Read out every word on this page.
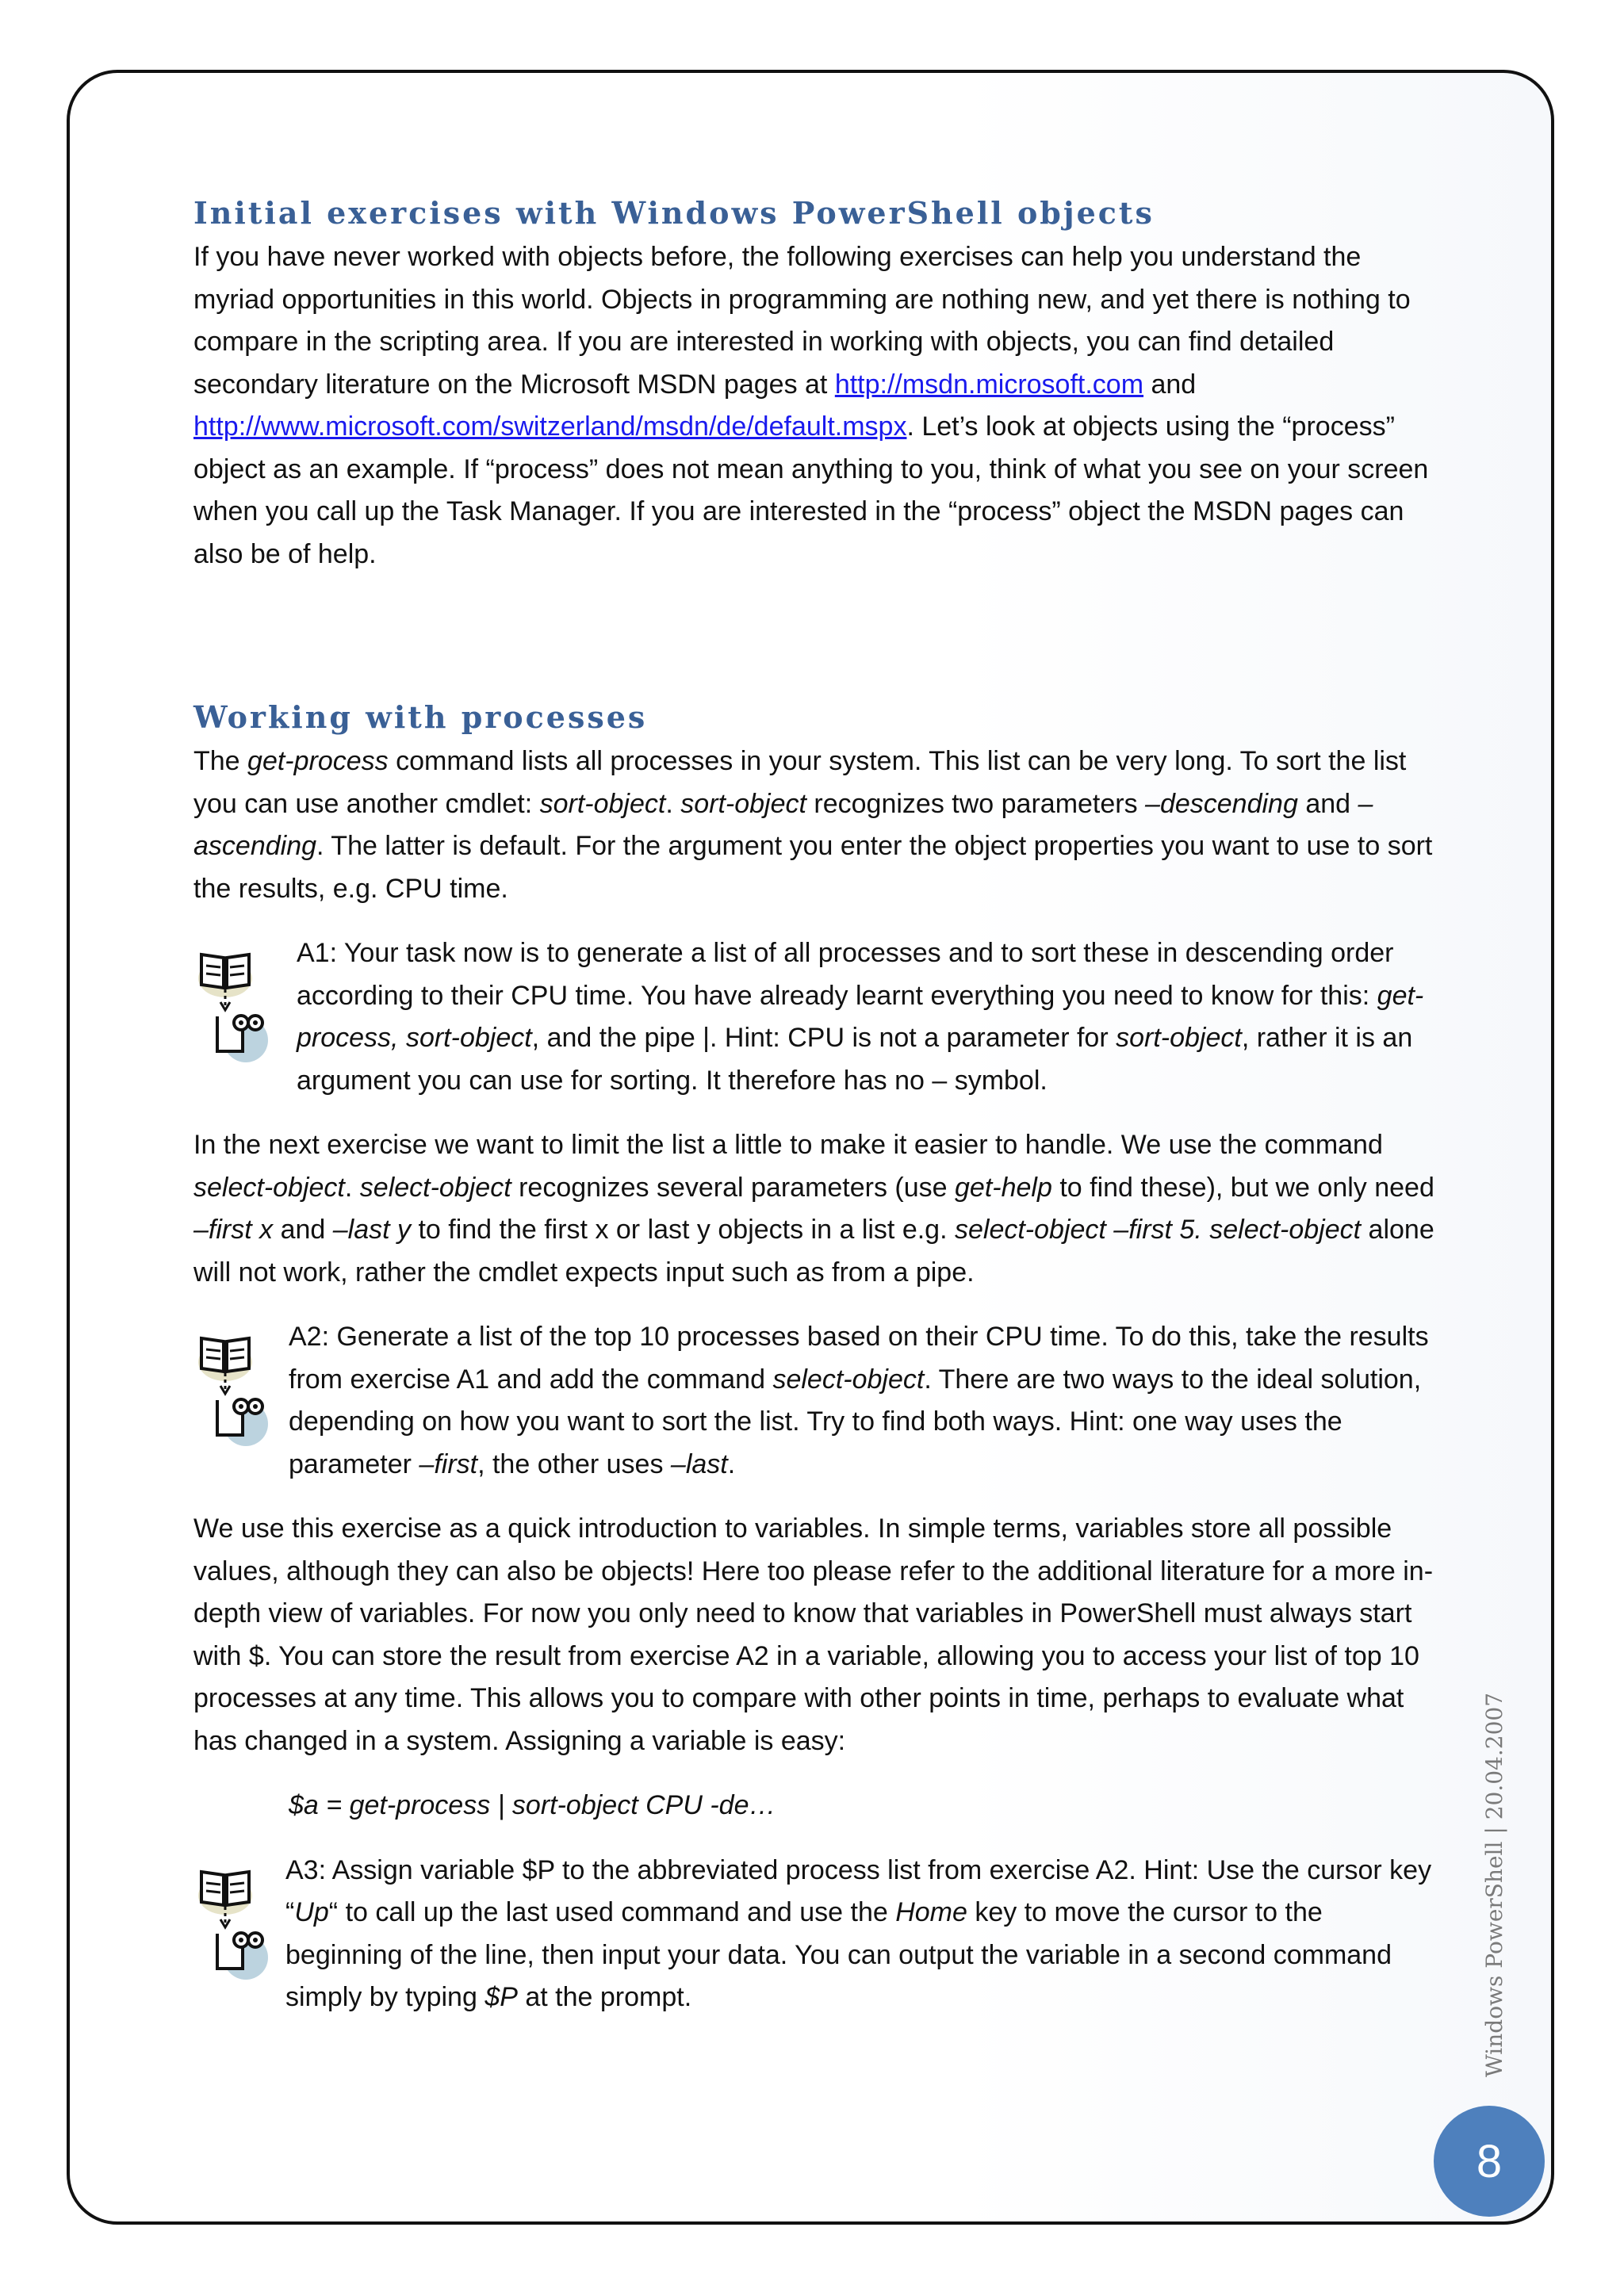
Initial exercises with Windows PowerShell objects

If you have never worked with objects before, the following exercises can help you understand the myriad opportunities in this world. Objects in programming are nothing new, and yet there is nothing to compare in the scripting area. If you are interested in working with objects, you can find detailed secondary literature on the Microsoft MSDN pages at http://msdn.microsoft.com and http://www.microsoft.com/switzerland/msdn/de/default.mspx. Let’s look at objects using the “process” object as an example. If “process” does not mean anything to you, think of what you see on your screen when you call up the Task Manager. If you are interested in the “process” object the MSDN pages can also be of help.

Working with processes

The get-process command lists all processes in your system. This list can be very long. To sort the list you can use another cmdlet: sort-object. sort-object recognizes two parameters –descending and –ascending. The latter is default. For the argument you enter the object properties you want to use to sort the results, e.g. CPU time.

A1: Your task now is to generate a list of all processes and to sort these in descending order according to their CPU time. You have already learnt everything you need to know for this: get-process, sort-object, and the pipe |. Hint: CPU is not a parameter for sort-object, rather it is an argument you can use for sorting. It therefore has no – symbol.

In the next exercise we want to limit the list a little to make it easier to handle. We use the command select-object. select-object recognizes several parameters (use get-help to find these), but we only need –first x and –last y to find the first x or last y objects in a list e.g. select-object –first 5. select-object alone will not work, rather the cmdlet expects input such as from a pipe.

A2: Generate a list of the top 10 processes based on their CPU time. To do this, take the results from exercise A1 and add the command select-object. There are two ways to the ideal solution, depending on how you want to sort the list. Try to find both ways. Hint: one way uses the parameter –first, the other uses –last.

We use this exercise as a quick introduction to variables. In simple terms, variables store all possible values, although they can also be objects! Here too please refer to the additional literature for a more in-depth view of variables. For now you only need to know that variables in PowerShell must always start with $. You can store the result from exercise A2 in a variable, allowing you to access your list of top 10 processes at any time. This allows you to compare with other points in time, perhaps to evaluate what has changed in a system. Assigning a variable is easy:

$a = get-process | sort-object CPU -de…

A3: Assign variable $P to the abbreviated process list from exercise A2. Hint: Use the cursor key “Up“ to call up the last used command and use the Home key to move the cursor to the beginning of the line, then input your data. You can output the variable in a second command simply by typing $P at the prompt.	Windows PowerShell | 20.04.2007
8
